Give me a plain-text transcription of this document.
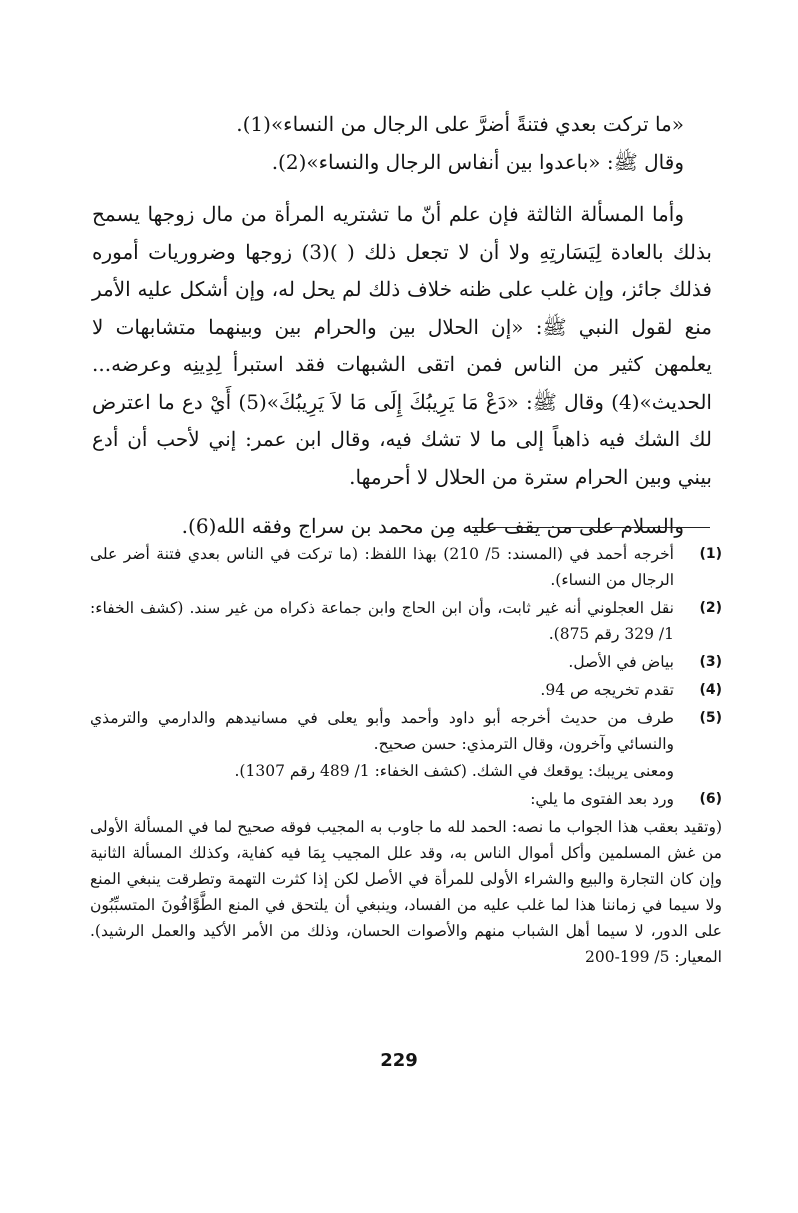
«ما تركت بعدي فتنةً أضرَّ على الرجال من النساء»(1).

وقال ﷺ: «باعدوا بين أنفاس الرجال والنساء»(2).

وأما المسألة الثالثة فإن علم أنّ ما تشتريه المرأة من مال زوجها يسمح بذلك بالعادة لِيَسَارتِهِ ولا أن لا تجعل ذلك ( )(3) زوجها وضروريات أموره فذلك جائز، وإن غلب على ظنه خلاف ذلك لم يحل له، وإن أشكل عليه الأمر منع لقول النبي ﷺ: «إن الحلال بين والحرام بين وبينهما متشابهات لا يعلمهن كثير من الناس فمن اتقى الشبهات فقد استبرأ لِدِينِه وعرضه... الحديث»(4) وقال ﷺ: «دَعْ مَا يَرِيبُكَ إِلَى مَا لاَ يَرِيبُكَ»(5) أَيْ دع ما اعترض لك الشك فيه ذاهباً إلى ما لا تشك فيه، وقال ابن عمر: إني لأحب أن أدع بيني وبين الحرام سترة من الحلال لا أحرمها.

والسلام على من يقف عليه مِن محمد بن سراج وفقه الله(6).

(1)

أخرجه أحمد في (المسند: 5/ 210) بهذا اللفظ: (ما تركت في الناس بعدي فتنة أضر على الرجال من النساء).

(2)

نقل العجلوني أنه غير ثابت، وأن ابن الحاج وابن جماعة ذكراه من غير سند. (كشف الخفاء: 1/ 329 رقم 875).

(3)

بياض في الأصل.

(4)

تقدم تخريجه ص 94.

(5)

طرف من حديث أخرجه أبو داود وأحمد وأبو يعلى في مسانيدهم والدارمي والترمذي والنسائي وآخرون، وقال الترمذي: حسن صحيح.

ومعنى يريبك: يوقعك في الشك. (كشف الخفاء: 1/ 489 رقم 1307).

(6)

ورد بعد الفتوى ما يلي:

(وتقيد بعقب هذا الجواب ما نصه: الحمد لله ما جاوب به المجيب فوقه صحيح لما في المسألة الأولى من غش المسلمين وأكل أموال الناس به، وقد علل المجيب بِمَا فيه كفاية، وكذلك المسألة الثانية وإن كان التجارة والبيع والشراء الأولى للمرأة في الأصل لكن إذا كثرت التهمة وتطرقت ينبغي المنع ولا سيما في زماننا هذا لما غلب عليه من الفساد، وينبغي أن يلتحق في المنع الطَّوَّافُونَ المتسبِّبُون على الدور، لا سيما أهل الشباب منهم والأصوات الحسان، وذلك من الأمر الأكيد والعمل الرشيد). المعيار: 5/ 199-200
229
